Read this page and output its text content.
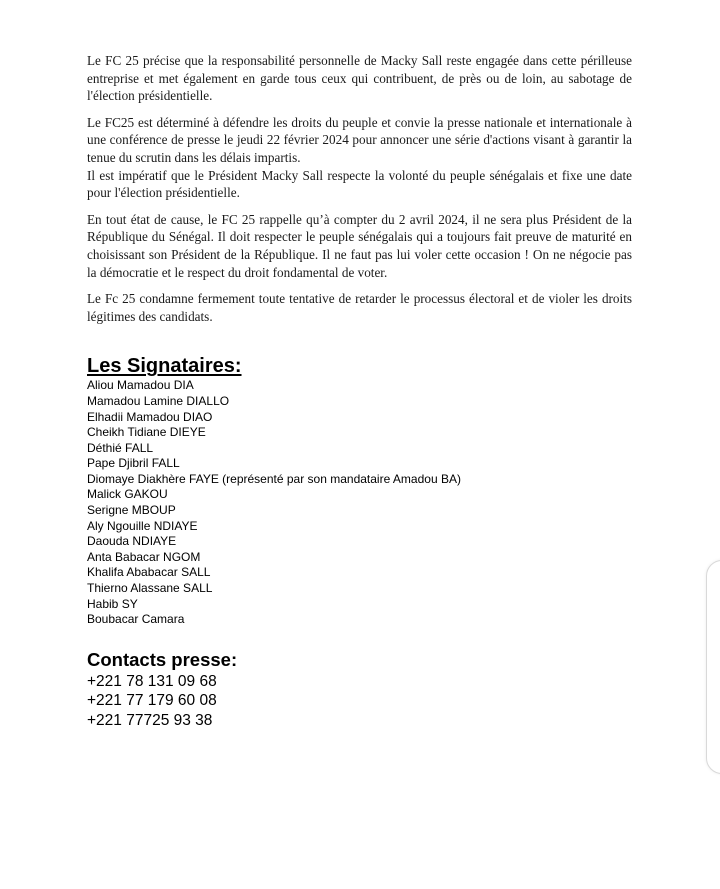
Le FC 25 précise que la responsabilité personnelle de Macky Sall reste engagée dans cette périlleuse entreprise et met également en garde tous ceux qui contribuent, de près ou de loin, au sabotage de l'élection présidentielle.

Le FC25 est déterminé à défendre les droits du peuple et convie la presse nationale et internationale à une conférence de presse le jeudi 22 février 2024 pour annoncer une série d'actions visant à garantir la tenue du scrutin dans les délais impartis.

Il est impératif que le Président Macky Sall respecte la volonté du peuple sénégalais et fixe une date pour l'élection présidentielle.

En tout état de cause, le FC 25 rappelle qu’à compter du 2 avril 2024, il ne sera plus Président de la République du Sénégal. Il doit respecter le peuple sénégalais qui a toujours fait preuve de maturité en choisissant son Président de la République. Il ne faut pas lui voler cette occasion ! On ne négocie pas la démocratie et le respect du droit fondamental de voter.

Le Fc 25 condamne fermement toute tentative de retarder le processus électoral et de violer les droits légitimes des candidats.

Les Signataires:
Aliou Mamadou DIA
Mamadou Lamine DIALLO
Elhadii Mamadou DIAO
Cheikh Tidiane DIEYE
Déthié FALL
Pape Djibril FALL
Diomaye Diakhère FAYE (représenté par son mandataire Amadou BA)
Malick GAKOU
Serigne MBOUP
Aly Ngouille NDIAYE
Daouda NDIAYE
Anta Babacar NGOM
Khalifa Ababacar SALL
Thierno Alassane SALL
Habib SY
Boubacar Camara
Contacts presse:
+221 78 131 09 68
+221 77 179 60 08
+221 77725 93 38
